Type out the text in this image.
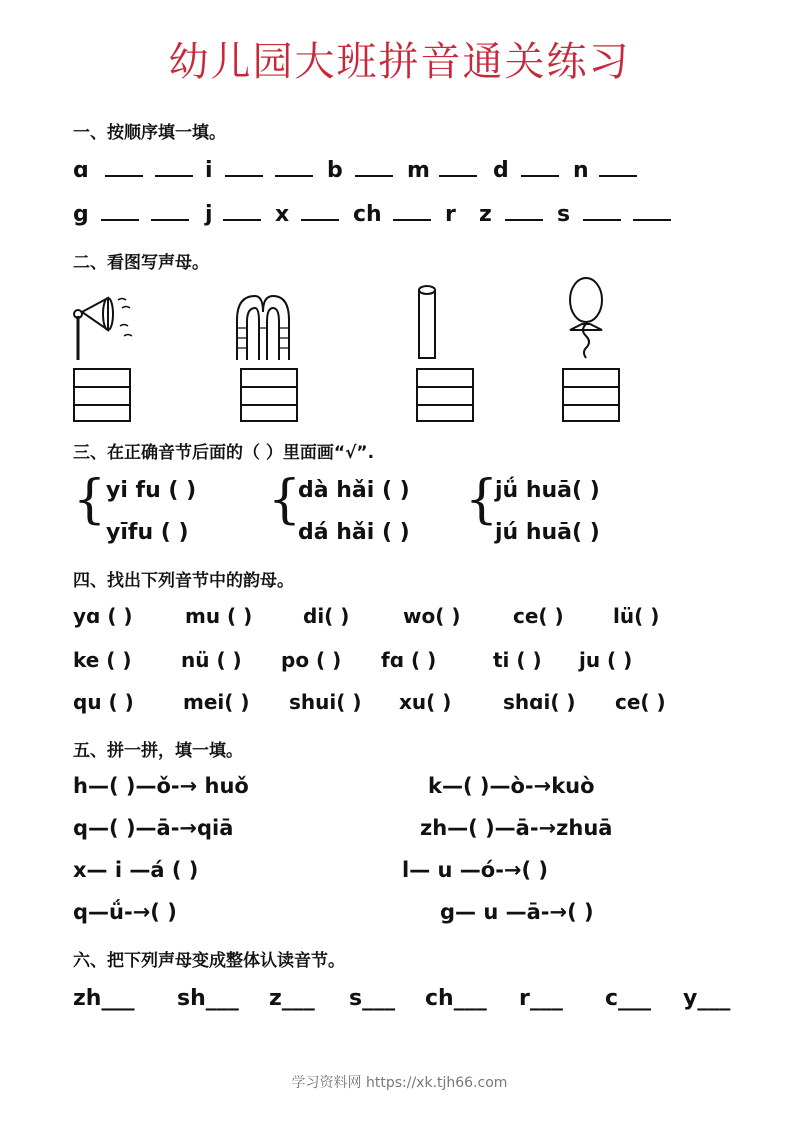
幼儿园大班拼音通关练习
一、按顺序填一填。
ɑ
	i
	b	m	d	n
g
	j	x	ch	r z	s

二、看图写声母。
三、在正确音节后面的（ ）里面画“√”.
{ yi fu ( )
yīfu ( )
{
dà hǎi ( )
dá hǎi ( )
{
jǘ huā( )
jú huā( )
四、找出下列音节中的韵母。
yɑ ( )	mu ( )	di( )	wo( )	ce( ) lü( )
ke ( ) nü ( ) po ( ) fɑ ( )	ti ( ) ju ( )
qu ( ) mei( ) shui( ) xu( )	shɑi( ) ce( )
五、拼一拼，填一填。
h—( )—ǒ-→ huǒ	k—( )—ò-→kuò
q—( )—ā-→qiā	zh—( )—ā-→zhuā
x— i —á ( )	l— u —ó-→( )
q—ǘ-→( )	g— u —ā-→( )
六、把下列声母变成整体认读音节。
zh___ sh___ z___ s___ ch___ r___ c___ y___
学习资料网 https://xk.tjh66.com
